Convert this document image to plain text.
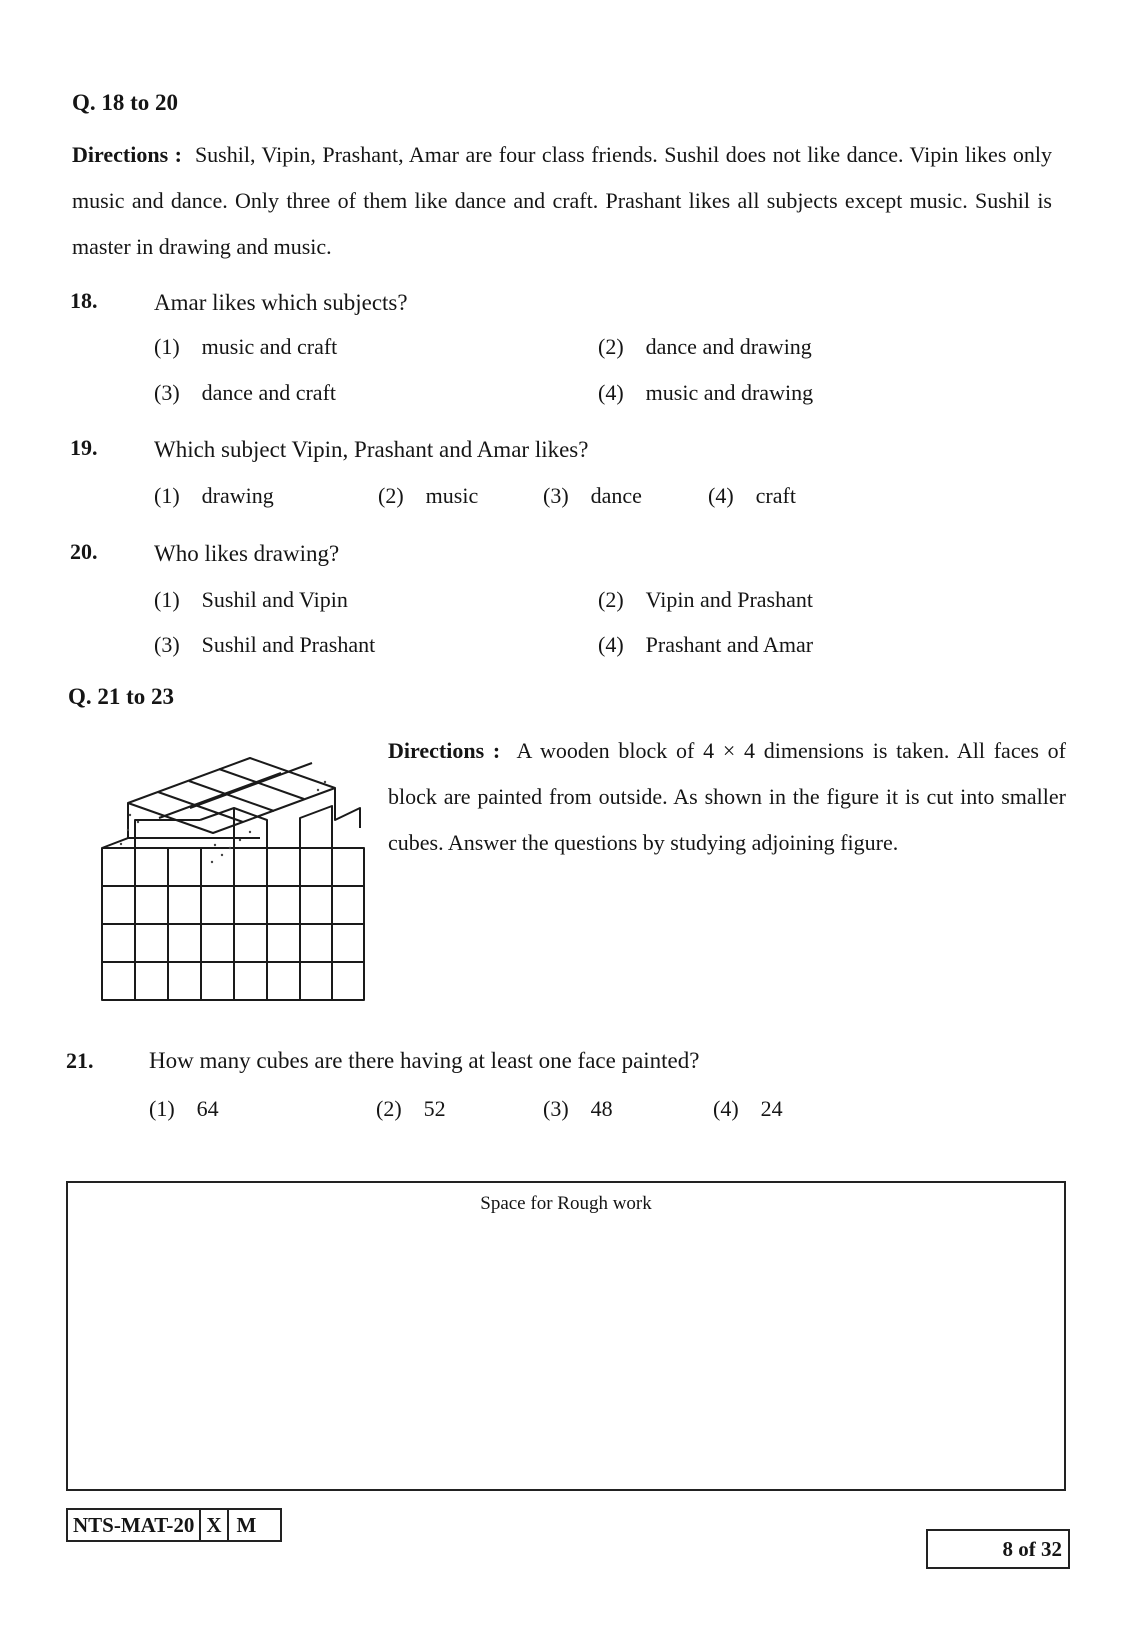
Q. 18 to 20
Directions : Sushil, Vipin, Prashant, Amar are four class friends. Sushil does not like dance. Vipin likes only music and dance. Only three of them like dance and craft. Prashant likes all subjects except music. Sushil is master in drawing and music.
18. Amar likes which subjects?
(1) music and craft	(2) dance and drawing
(3) dance and craft	(4) music and drawing
19. Which subject Vipin, Prashant and Amar likes?
(1) drawing	(2) music	(3) dance	(4) craft
20. Who likes drawing?
(1) Sushil and Vipin	(2) Vipin and Prashant
(3) Sushil and Prashant	(4) Prashant and Amar
Q. 21 to 23
Directions : A wooden block of 4 × 4 dimensions is taken. All faces of block are painted from outside. As shown in the figure it is cut into smaller cubes. Answer the questions by studying adjoining figure.
21. How many cubes are there having at least one face painted?
(1) 64	(2) 52	(3) 48	(4) 24
Space for Rough work
NTS-MAT-20 X M
8 of 32
